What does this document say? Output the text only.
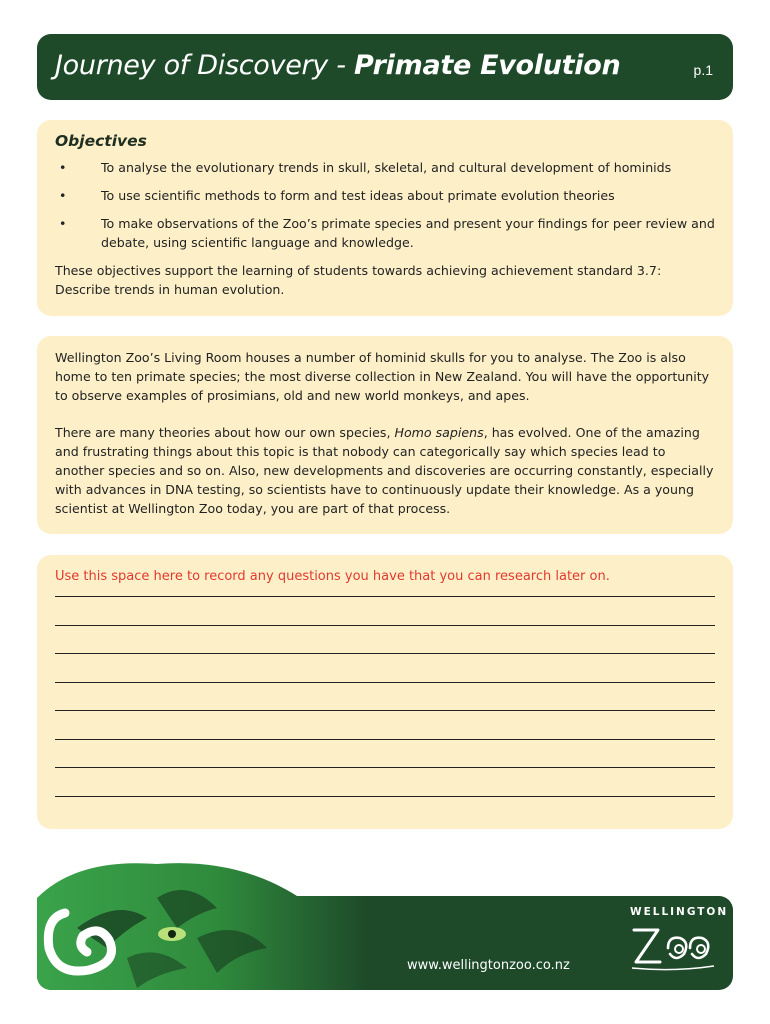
Journey of Discovery - Primate Evolution	p.1
Objectives
•	To analyse the evolutionary trends in skull, skeletal, and cultural development of hominids
•	To use scientific methods to form and test ideas about primate evolution theories
•	To make observations of the Zoo’s primate species and present your findings for peer review and debate, using scientific language and knowledge.

These objectives support the learning of students towards achieving achievement standard 3.7: Describe trends in human evolution.

Wellington Zoo’s Living Room houses a number of hominid skulls for you to analyse. The Zoo is also home to ten primate species; the most diverse collection in New Zealand. You will have the opportunity to observe examples of prosimians, old and new world monkeys, and apes.

There are many theories about how our own species, Homo sapiens, has evolved. One of the amazing and frustrating things about this topic is that nobody can categorically say which species lead to another species and so on. Also, new developments and discoveries are occurring constantly, especially with advances in DNA testing, so scientists have to continuously update their knowledge. As a young scientist at Wellington Zoo today, you are part of that process.

Use this space here to record any questions you have that you can research later on.

www.wellingtonzoo.co.nz
WELLINGTON
